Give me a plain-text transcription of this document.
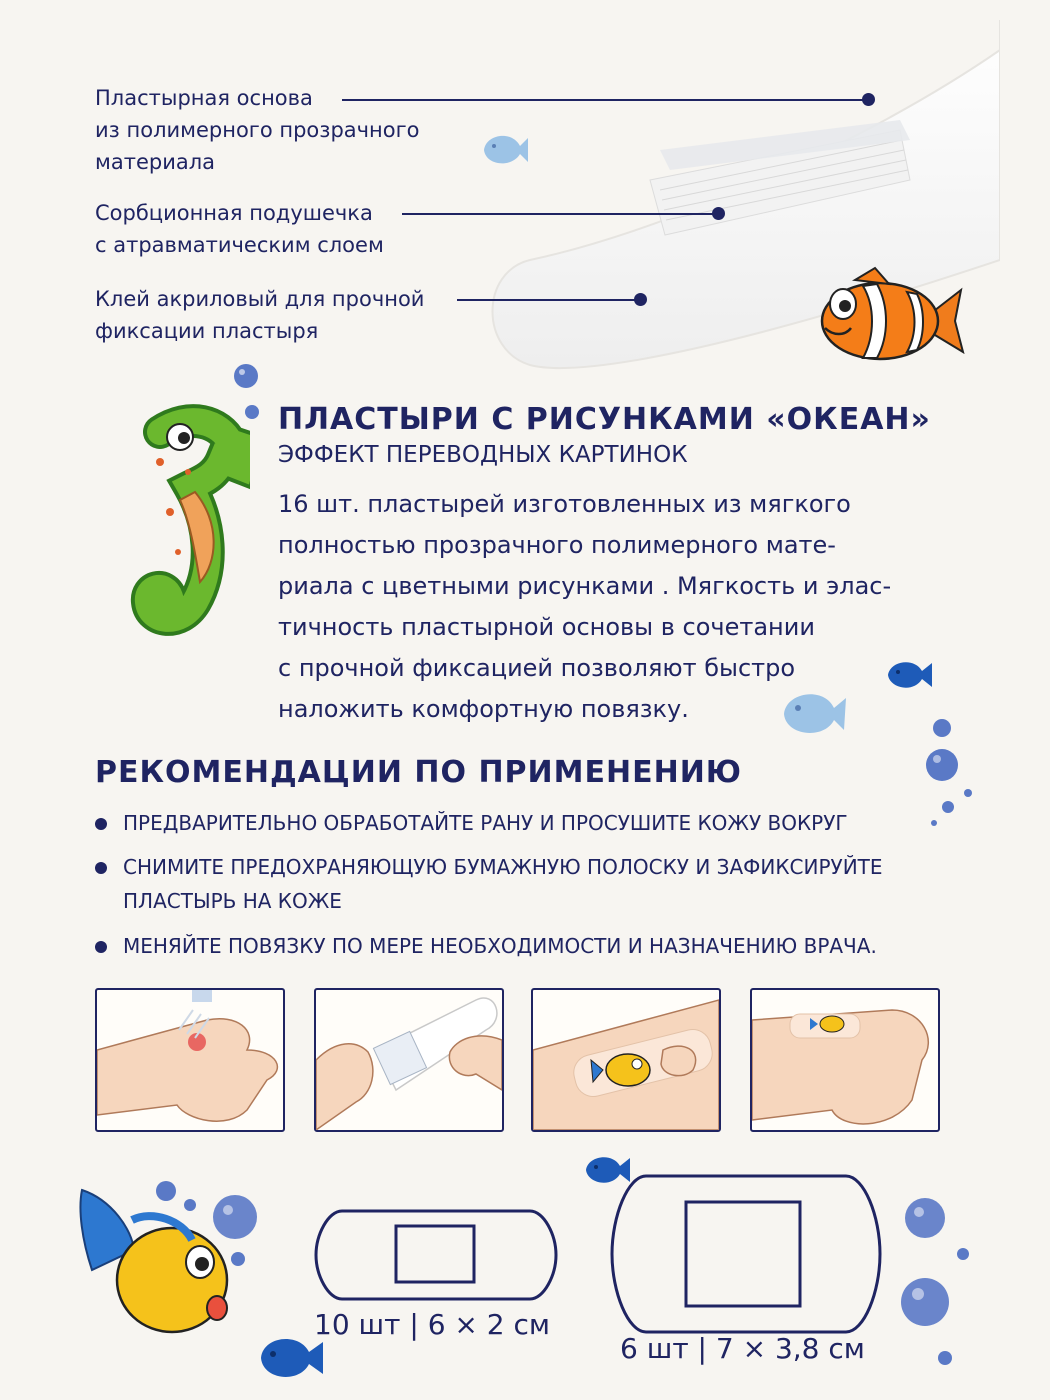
Пластырная основа
из полимерного прозрачного
материала
Сорбционная подушечка
с атравматическим слоем
Клей акриловый для прочной
фиксации пластыря
ПЛАСТЫРИ С РИСУНКАМИ «ОКЕАН»
ЭФФЕКТ ПЕРЕВОДНЫХ КАРТИНОК
16 шт. пластырей изготовленных из мягкого
полностью прозрачного полимерного мате-
риала с цветными рисунками . Мягкость и элас-
тичность пластырной основы в сочетании
с прочной фиксацией позволяют быстро
наложить комфортную повязку.
РЕКОМЕНДАЦИИ ПО ПРИМЕНЕНИЮ
ПРЕДВАРИТЕЛЬНО ОБРАБОТАЙТЕ РАНУ И ПРОСУШИТЕ КОЖУ ВОКРУГ
СНИМИТЕ ПРЕДОХРАНЯЮЩУЮ БУМАЖНУЮ ПОЛОСКУ И ЗАФИКСИРУЙТЕ
ПЛАСТЫРЬ НА КОЖЕ
МЕНЯЙТЕ ПОВЯЗКУ ПО МЕРЕ НЕОБХОДИМОСТИ И НАЗНАЧЕНИЮ ВРАЧА.
10 шт | 6 × 2 см
6 шт | 7 × 3,8 см
